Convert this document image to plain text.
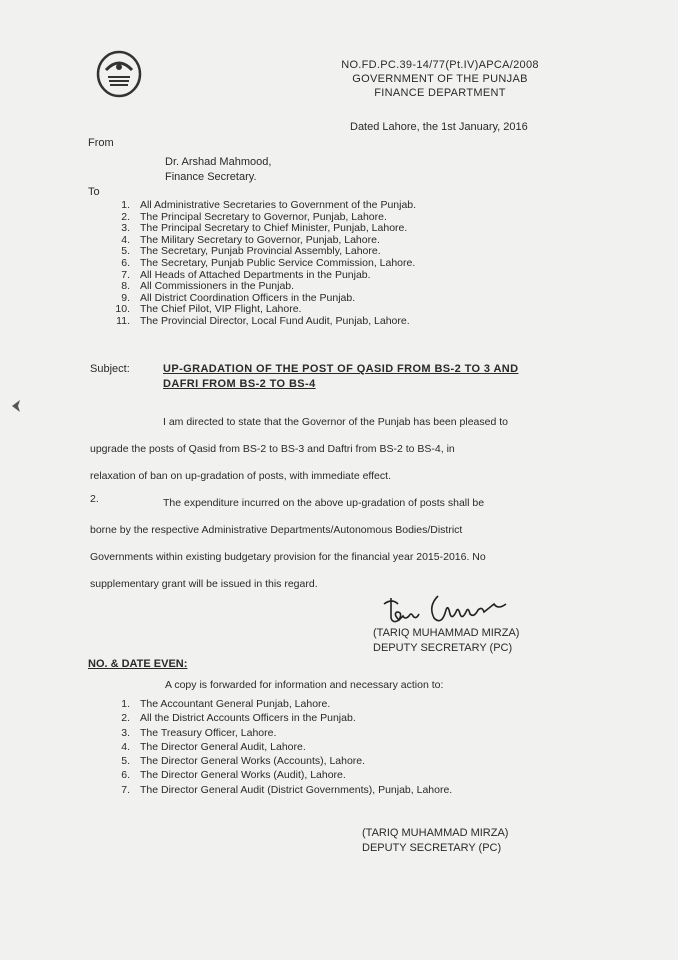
NO.FD.PC.39-14/77(Pt.IV)APCA/2008
GOVERNMENT OF THE PUNJAB
FINANCE DEPARTMENT
Dated Lahore, the 1st January, 2016
From
Dr. Arshad Mahmood,
Finance Secretary.
To
1. All Administrative Secretaries to Government of the Punjab.
2. The Principal Secretary to Governor, Punjab, Lahore.
3. The Principal Secretary to Chief Minister, Punjab, Lahore.
4. The Military Secretary to Governor, Punjab, Lahore.
5. The Secretary, Punjab Provincial Assembly, Lahore.
6. The Secretary, Punjab Public Service Commission, Lahore.
7. All Heads of Attached Departments in the Punjab.
8. All Commissioners in the Punjab.
9. All District Coordination Officers in the Punjab.
10. The Chief Pilot, VIP Flight, Lahore.
11. The Provincial Director, Local Fund Audit, Punjab, Lahore.
Subject:	UP-GRADATION OF THE POST OF QASID FROM BS-2 TO 3 AND
DAFRI FROM BS-2 TO BS-4
I am directed to state that the Governor of the Punjab has been pleased to
upgrade the posts of Qasid from BS-2 to BS-3 and Daftri from BS-2 to BS-4, in
relaxation of ban on up-gradation of posts, with immediate effect.
2.	The expenditure incurred on the above up-gradation of posts shall be
borne by the respective Administrative Departments/Autonomous Bodies/District
Governments within existing budgetary provision for the financial year 2015-2016. No
supplementary grant will be issued in this regard.
(TARIQ MUHAMMAD MIRZA)
DEPUTY SECRETARY (PC)
NO. & DATE EVEN:
A copy is forwarded for information and necessary action to:
1. The Accountant General Punjab, Lahore.
2. All the District Accounts Officers in the Punjab.
3. The Treasury Officer, Lahore.
4. The Director General Audit, Lahore.
5. The Director General Works (Accounts), Lahore.
6. The Director General Works (Audit), Lahore.
7. The Director General Audit (District Governments), Punjab, Lahore.
(TARIQ MUHAMMAD MIRZA)
DEPUTY SECRETARY (PC)
